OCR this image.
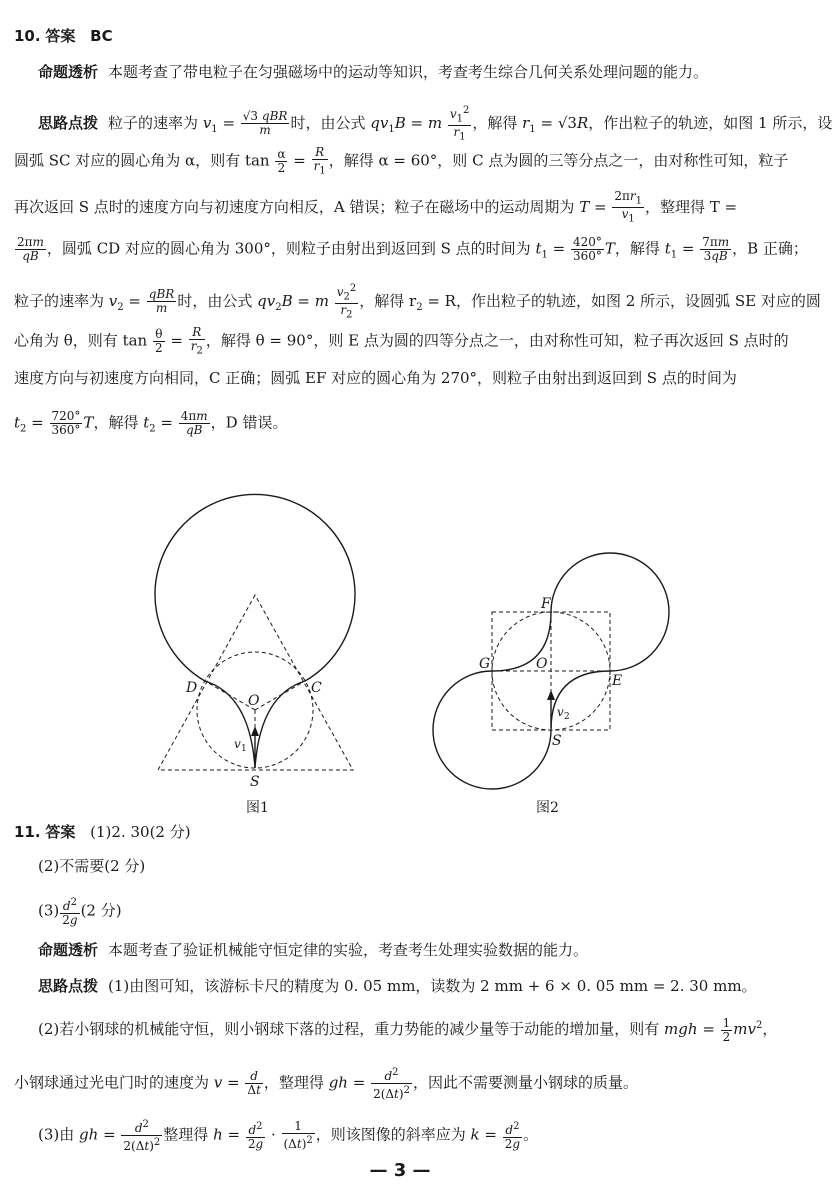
10. 答案 BC
命题透析 本题考查了带电粒子在匀强磁场中的运动等知识，考查考生综合几何关系处理问题的能力。
思路点拨 粒子的速率为 $v_1 = \frac{\text{√3 qBR}}{m}$ 时，由公式 $qv_1B = m \frac{v_1^2}{r_1}$ ，解得 $r_1 = √3R$，作出粒子的轨迹，如图 1 所示，设
圆弧 SC 对应的圆心角为 α，则有 $\tan \frac{\alpha}{2} = \frac{R}{r_1}$ ，解得 α = 60°，则 C 点为圆的三等分点之一，由对称性可知，粒子
再次返回 S 点时的速度方向与初速度方向相反，A 错误；粒子在磁场中的运动周期为 $T = \frac{2\pi r_1}{v_1}$ ，整理得 T =
$\frac{2\pi m}{qB}$ ，圆弧 CD 对应的圆心角为 300°，则粒子由射出到返回到 S 点的时间为 $t_1 = \frac{420^\circ}{360^\circ}$ T，解得 $t_1 = \frac{7\pi m}{3qB}$ ，B 正确；
粒子的速率为 $v_2 = \frac{\text{qBR}}{m}$ 时，由公式 $qv_2B = m \frac{v_2^2}{r_2}$ ，解得 $r_2 = R$，作出粒子的轨迹，如图 2 所示，设圆弧 SE 对应的圆
心角为 θ，则有 $\tan \frac{\theta}{2} = \frac{R}{r_2}$ ，解得 θ = 90°，则 E 点为圆的四等分点之一，由对称性可知，粒子再次返回 S 点时的
速度方向与初速度方向相同，C 正确；圆弧 EF 对应的圆心角为 270°，则粒子由射出到返回到 S 点的时间为
$t_2 = \frac{720^\circ}{360^\circ}$ T，解得 $t_2 = \frac{4\pi m}{qB}$ ，D 错误。
D
O
C
S
v 1
图1
F
G	O
E
S
v 2
图2
11. 答案 (1)2. 30(2 分)
(2)不需要(2 分)
$(3) \frac{d^2}{2g} (2$ 分)
命题透析 本题考查了验证机械能守恒定律的实验，考查考生处理实验数据的能力。
思路点拨 (1)由图可知，该游标卡尺的精度为 0. 05 mm，读数为 2 mm + 6 × 0. 05 mm = 2. 30 mm。
(2)若小钢球的机械能守恒，则小钢球下落的过程，重力势能的减少量等于动能的增加量，则有 mgh = $\frac{1}{2} mv^2$，
小钢球通过光电门时的速度为 $v = \frac{d}{\Delta t}$ ，整理得 gh = $\frac{d^2}{2(\Delta t)^2}$ ，因此不需要测量小钢球的质量。
(3)由 gh = $\frac{d^2}{2(\Delta t)^2}$ 整理得 $h = \frac{d^2}{2g} \cdot \frac{1}{(\Delta t)^2}$ ，则该图像的斜率应为 $k = \frac{d^2}{2g}$ 。
— 3 —
